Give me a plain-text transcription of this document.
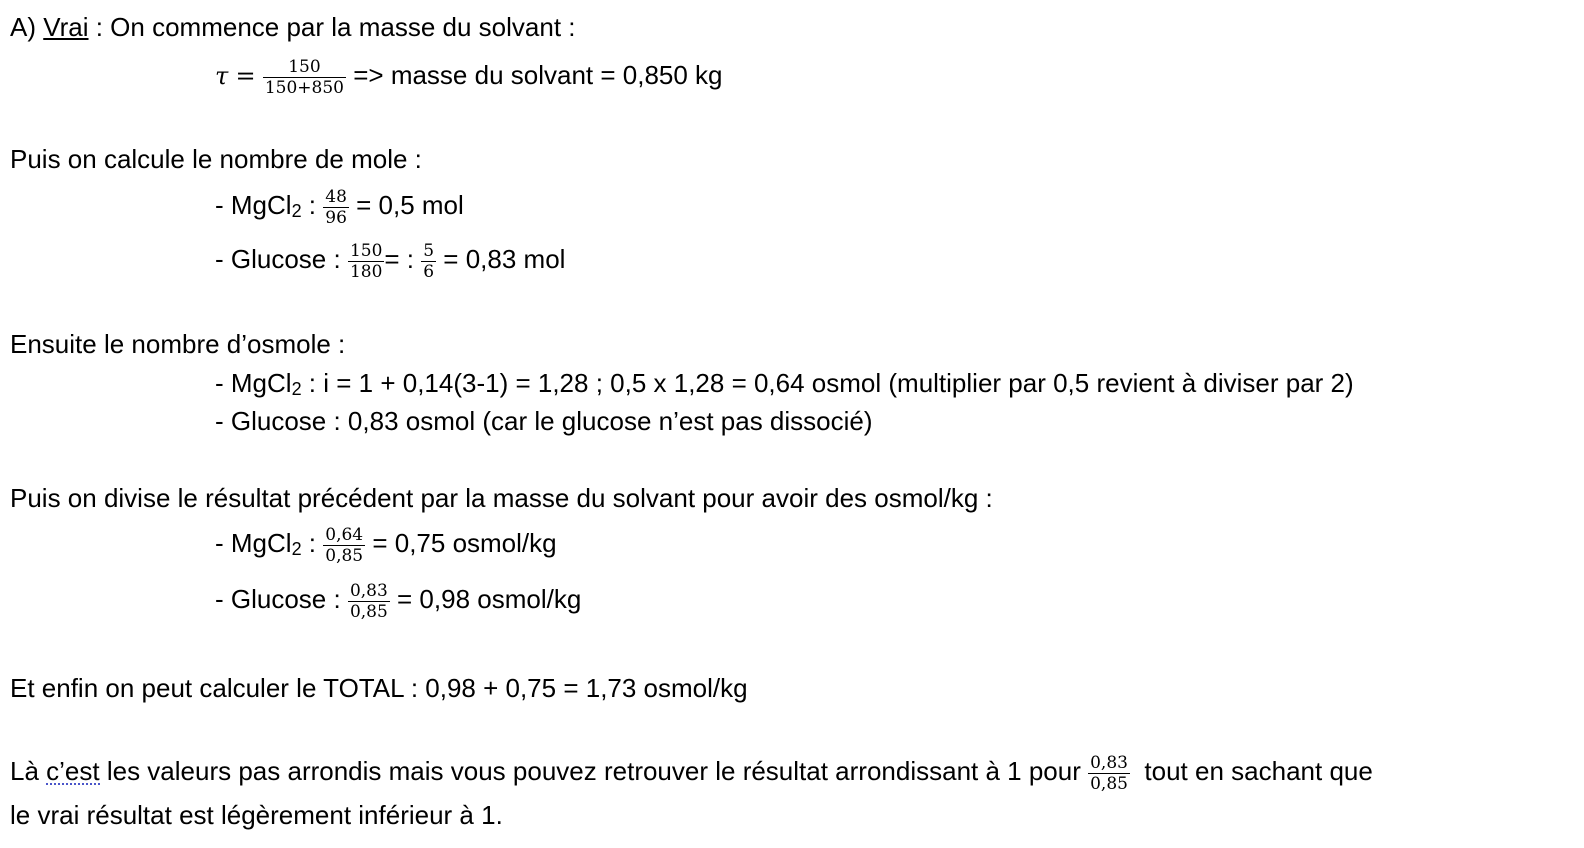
A) Vrai : On commence par la masse du solvant :
$\tau = \frac{150}{150+850}$ => masse du solvant = 0,850 kg
Puis on calcule le nombre de mole :
- MgCl$_2$ : $\frac{48}{96} = 0,5$ mol
- Glucose : $\frac{150}{180}$ = : $\frac{5}{6} = 0,83$ mol
Ensuite le nombre d’osmole :
- MgCl$_2$ : i = 1 + 0,14(3-1) = 1,28 ; 0,5 x 1,28 = 0,64 osmol (multiplier par 0,5 revient à diviser par 2)
- Glucose : 0,83 osmol (car le glucose n’est pas dissocié)
Puis on divise le résultat précédent par la masse du solvant pour avoir des osmol/kg :
- MgCl$_2$ : $\frac{0,64}{0,85} = 0,75$ osmol/kg
- Glucose : $\frac{0,83}{0,85} = 0,98$ osmol/kg
Et enfin on peut calculer le TOTAL : 0,98 + 0,75 = 1,73 osmol/kg
Là c’est les valeurs pas arrondis mais vous pouvez retrouver le résultat arrondissant à 1 pour $\frac{0,83}{0,85}$ tout en sachant que
le vrai résultat est légèrement inférieur à 1.
